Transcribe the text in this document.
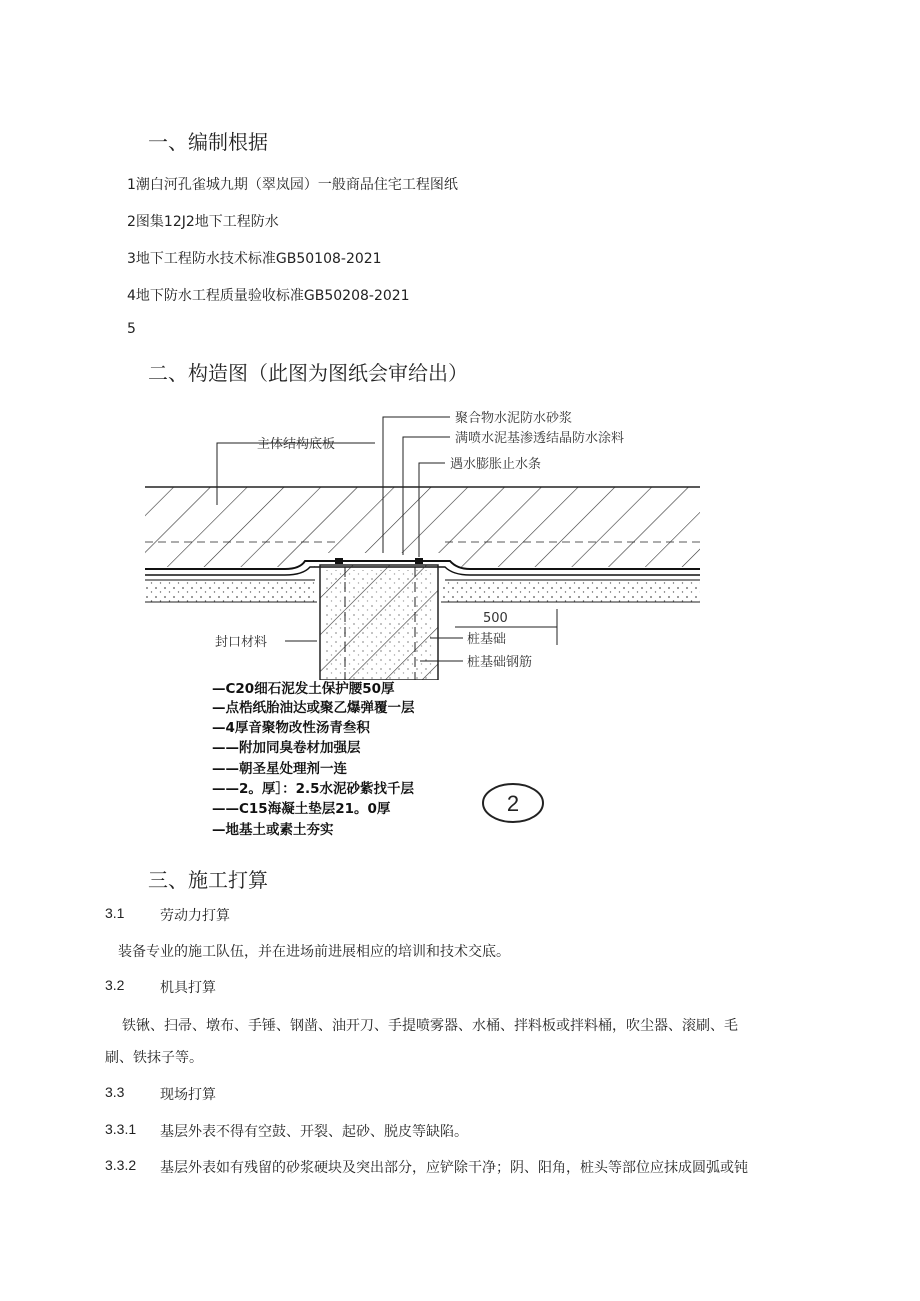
一、编制根据
1潮白河孔雀城九期（翠岚园）一般商品住宅工程图纸
2图集12J2地下工程防水
3地下工程防水技术标准GB50108-2021
4地下防水工程质量验收标准GB50208-2021
5
二、构造图（此图为图纸会审给出）
主体结构底板
聚合物水泥防水砂浆
满喷水泥基渗透结晶防水涂料
遇水膨胀止水条
封口材料
500
桩基础
桩基础钢筋
—C20细石泥发土保护腰50厚
—点梏纸胎油达或聚乙爆弹覆一层
—4厚音聚物改性汤青叁积
——附加同臭卷材加强层
——朝圣星处理剂一连
——2。厚］：2.5水泥砂紫找千层
——C15海凝土垫层21。0厚
—地基土或素土夯实
2
三、施工打算
3.1	劳动力打算
装备专业的施工队伍，并在进场前进展相应的培训和技术交底。
3.2	机具打算
铁锹、扫帚、墩布、手锤、钢凿、油开刀、手提喷雾器、水桶、拌料板或拌料桶，吹尘器、滚刷、毛
刷、铁抹子等。
3.3	现场打算
3.3.1 基层外表不得有空鼓、开裂、起砂、脱皮等缺陷。
3.3.2 基层外表如有残留的砂浆硬块及突出部分，应铲除干净；阴、阳角，桩头等部位应抹成圆弧或钝
